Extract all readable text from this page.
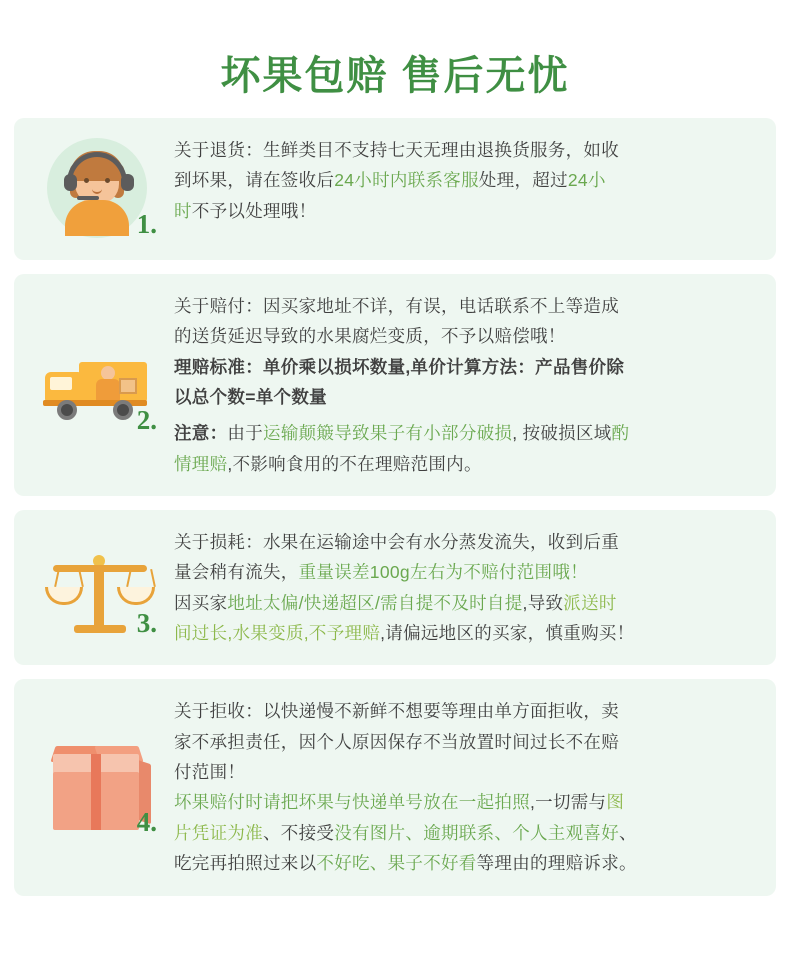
坏果包赔 售后无忧
1.

关于退货：生鲜类目不支持七天无理由退换货服务，如收

到坏果，请在签收后24小时内联系客服处理，超过24小

时不予以处理哦！

2.

关于赔付：因买家地址不详，有误，电话联系不上等造成

的送货延迟导致的水果腐烂变质，不予以赔偿哦！

理赔标准：单价乘以损坏数量,单价计算方法：产品售价除

以总个数=单个数量

注意：由于运输颠簸导致果子有小部分破损, 按破损区域酌

情理赔,不影响食用的不在理赔范围内。

3.

关于损耗：水果在运输途中会有水分蒸发流失，收到后重

量会稍有流失，重量误差100g左右为不赔付范围哦！

因买家地址太偏/快递超区/需自提不及时自提,导致派送时

间过长,水果变质,不予理赔,请偏远地区的买家，慎重购买！

4.

关于拒收：以快递慢不新鲜不想要等理由单方面拒收，卖

家不承担责任，因个人原因保存不当放置时间过长不在赔

付范围！

坏果赔付时请把坏果与快递单号放在一起拍照,一切需与图

片凭证为准、不接受没有图片、逾期联系、个人主观喜好、

吃完再拍照过来以不好吃、果子不好看等理由的理赔诉求。
